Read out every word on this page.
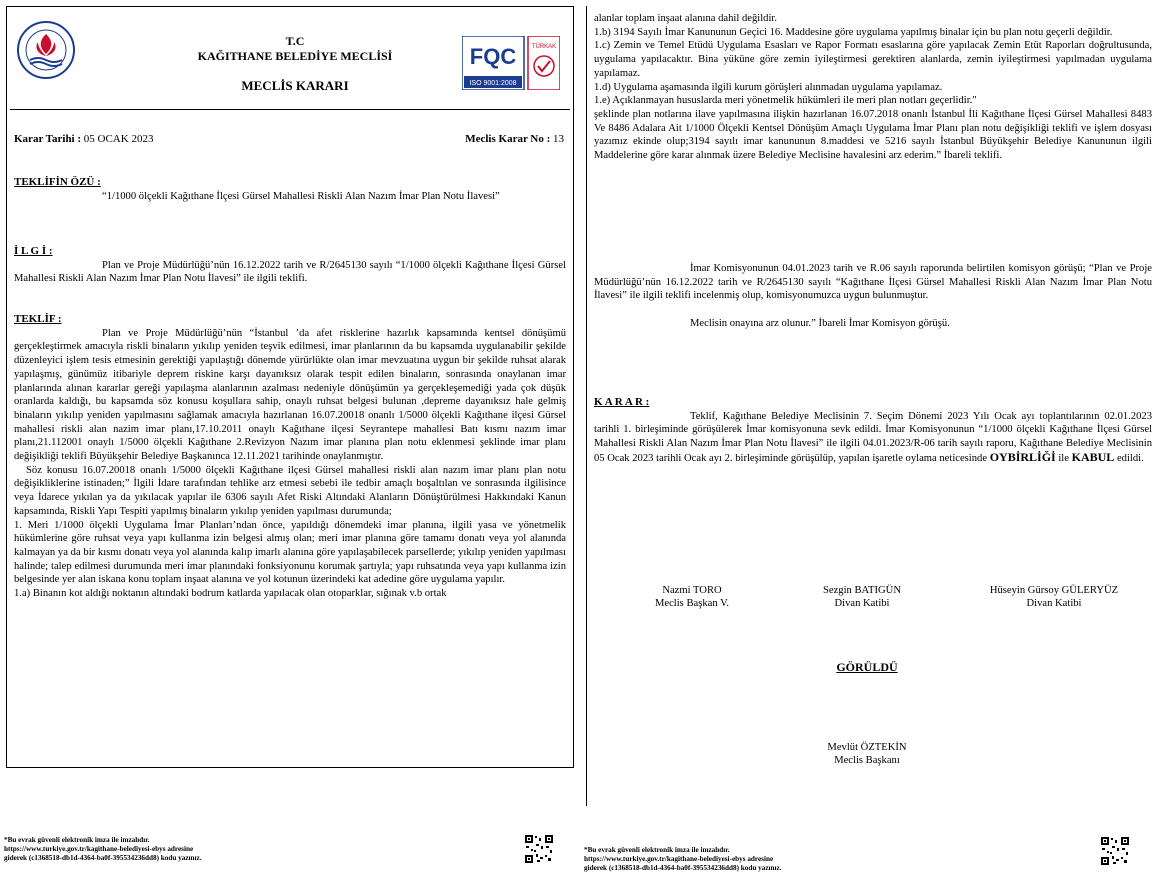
T.C
KAĞITHANE BELEDİYE MECLİSİ
MECLİS KARARI
FQC
ISO 9001:2008
TÜRKAK
Karar Tarihi : 05 OCAK 2023	Meclis Karar No : 13

TEKLİFİN ÖZÜ :

“1/1000 ölçekli Kağıthane İlçesi Gürsel Mahallesi Riskli Alan Nazım İmar Plan Notu İlavesi”

İ L G İ :

Plan ve Proje Müdürlüğü’nün 16.12.2022 tarih ve R/2645130 sayılı “1/1000 ölçekli Kağıthane İlçesi Gürsel Mahallesi Riskli Alan Nazım İmar Plan Notu İlavesi” ile ilgili teklifi.

TEKLİF :

Plan ve Proje Müdürlüğü’nün “İstanbul ’da afet risklerine hazırlık kapsamında kentsel dönüşümü gerçekleştirmek amacıyla riskli binaların yıkılıp yeniden teşvik edilmesi, imar planlarının da bu kapsamda uygulanabilir şekilde düzenleyici işlem tesis etmesinin gerektiği yapılaştığı dönemde yürürlükte olan imar mevzuatına uygun bir şekilde ruhsat alarak yapılaşmış, günümüz itibariyle deprem riskine karşı dayanıksız olarak tespit edilen binaların, sonrasında onaylanan imar planlarında alınan kararlar gereği yapılaşma alanlarının azalması nedeniyle dönüşümün ya gerçekleşemediği yada çok düşük oranlarda kaldığı, bu kapsamda söz konusu koşullara sahip, onaylı ruhsat belgesi bulunan ,depreme dayanıksız hale gelmiş binaların yıkılıp yeniden yapılmasını sağlamak amacıyla hazırlanan 16.07.20018 onanlı 1/5000 ölçekli Kağıthane ilçesi Gürsel mahallesi riskli alan nazim imar planı,17.10.2011 onaylı Kağıthane ilçesi Seyrantepe mahallesi Batı kısmı nazım imar planı,21.112001 onaylı 1/5000 ölçekli Kağıthane 2.Revizyon Nazım imar planına plan notu eklenmesi şeklinde imar planı değişikliği teklifi Büyükşehir Belediye Başkanınca 12.11.2021 tarihinde onaylanmıştır.

Söz konusu 16.07.20018 onanlı 1/5000 ölçekli Kağıthane ilçesi Gürsel mahallesi riskli alan nazım imar planı plan notu değişikliklerine istinaden;” İlgili İdare tarafından tehlike arz etmesi sebebi ile tedbir amaçlı boşaltılan ve sonrasında ilgilisince veya İdarece yıkılan ya da yıkılacak yapılar ile 6306 sayılı Afet Riski Altındaki Alanların Dönüştürülmesi Hakkındaki Kanun kapsamında, Riskli Yapı Tespiti yapılmış binaların yıkılıp yeniden yapılması durumunda;

1. Meri 1/1000 ölçekli Uygulama İmar Planları’ndan önce, yapıldığı dönemdeki imar planına, ilgili yasa ve yönetmelik hükümlerine göre ruhsat veya yapı kullanma izin belgesi almış olan; meri imar planına göre tamamı donatı veya yol alanında kalmayan ya da bir kısmı donatı veya yol alanında kalıp imarlı alanına göre yapılaşabilecek parsellerde; yıkılıp yeniden yapılması halinde; talep edilmesi durumunda meri imar planındaki fonksiyonunu korumak şartıyla; yapı ruhsatında veya yapı kullanma izin belgesinde yer alan iskana konu toplam inşaat alanına ve yol kotunun üzerindeki kat adedine göre uygulama yapılır.

1.a) Binanın kot aldığı noktanın altındaki bodrum katlarda yapılacak olan otoparklar, sığınak v.b ortak

*Bu evrak güvenli elektronik imza ile imzalıdır.
https://www.turkiye.gov.tr/kagithane-belediyesi-ebys adresine
giderek (c1368518-db1d-4364-ba0f-395534236dd8) kodu yazınız.

alanlar toplam inşaat alanına dahil değildir.

1.b) 3194 Sayılı İmar Kanununun Geçici 16. Maddesine göre uygulama yapılmış binalar için bu plan notu geçerli değildir.

1.c) Zemin ve Temel Etüdü Uygulama Esasları ve Rapor Formatı esaslarına göre yapılacak Zemin Etüt Raporları doğrultusunda, uygulama yapılacaktır. Bina yüküne göre zemin iyileştirmesi gerektiren alanlarda, zemin iyileştirmesi yapılmadan uygulama yapılamaz.

1.d) Uygulama aşamasında ilgili kurum görüşleri alınmadan uygulama yapılamaz.

1.e) Açıklanmayan hususlarda meri yönetmelik hükümleri ile meri plan notları geçerlidir."

şeklinde plan notlarına ilave yapılmasına ilişkin hazırlanan 16.07.2018 onanlı İstanbul İli Kağıthane İlçesi Gürsel Mahallesi 8483 Ve 8486 Adalara Ait 1/1000 Ölçekli Kentsel Dönüşüm Amaçlı Uygulama İmar Planı plan notu değişikliği teklifi ve işlem dosyası yazımız ekinde olup;3194 sayılı imar kanununun 8.maddesi ve 5216 sayılı İstanbul Büyükşehir Belediye Kanununun ilgili Maddelerine göre karar alınmak üzere Belediye Meclisine havalesini arz ederim.” İbareli teklifi.

İmar Komisyonunun 04.01.2023 tarih ve R.06 sayılı raporunda belirtilen komisyon görüşü; “Plan ve Proje Müdürlüğü’nün 16.12.2022 tarih ve R/2645130 sayılı “Kağıthane İlçesi Gürsel Mahallesi Riskli Alan Nazım İmar Plan Notu İlavesi” ile ilgili teklifi incelenmiş olup, komisyonumuzca uygun bulunmuştur.

Meclisin onayına arz olunur.” İbareli İmar Komisyon görüşü.

K A R A R :

Teklif, Kağıthane Belediye Meclisinin 7. Seçim Dönemi 2023 Yılı Ocak ayı toplantılarının 02.01.2023 tarihli 1. birleşiminde görüşülerek İmar komisyonuna sevk edildi. İmar Komisyonunun “1/1000 ölçekli Kağıthane İlçesi Gürsel Mahallesi Riskli Alan Nazım İmar Plan Notu İlavesi” ile ilgili 04.01.2023/R-06 tarih sayılı raporu, Kağıthane Belediye Meclisinin 05 Ocak 2023 tarihli Ocak ayı 2. birleşiminde görüşülüp, yapılan işaretle oylama neticesinde OYBİRLİĞİ ile KABUL edildi.

Nazmi TORO
Meclis Başkan V.
Sezgin BATIGÜN
Divan Katibi
Hüseyin Gürsoy GÜLERYÜZ
Divan Katibi
GÖRÜLDÜ
Mevlüt ÖZTEKİN
Meclis Başkanı
*Bu evrak güvenli elektronik imza ile imzalıdır.
https://www.turkiye.gov.tr/kagithane-belediyesi-ebys adresine
giderek (c1368518-db1d-4364-ba0f-395534236dd8) kodu yazınız.
